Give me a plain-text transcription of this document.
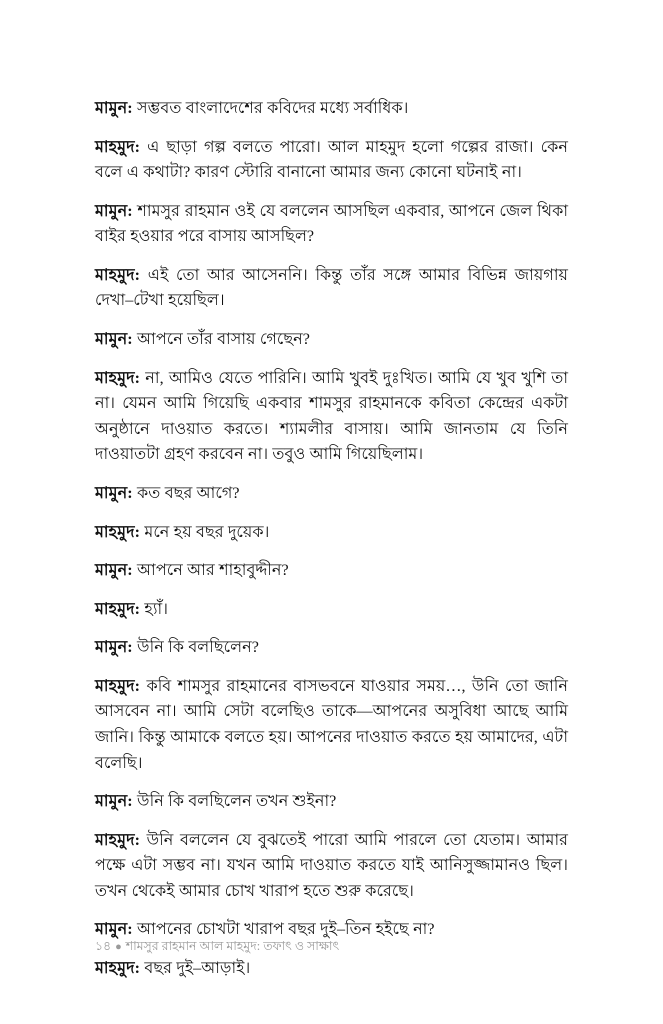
মামুন: সম্ভবত বাংলাদেশের কবিদের মধ্যে সর্বাধিক।

মাহমুদ: এ ছাড়া গল্প বলতে পারো। আল মাহমুদ হলো গল্পের রাজা। কেন বলে এ কথাটা? কারণ স্টোরি বানানো আমার জন্য কোনো ঘটনাই না।

মামুন: শামসুর রাহমান ওই যে বললেন আসছিল একবার, আপনে জেল থিকা বাইর হওয়ার পরে বাসায় আসছিল?

মাহমুদ: এই তো আর আসেননি। কিন্তু তাঁর সঙ্গে আমার বিভিন্ন জায়গায় দেখা–টেখা হয়েছিল।

মামুন: আপনে তাঁর বাসায় গেছেন?

মাহমুদ: না, আমিও যেতে পারিনি। আমি খুবই দুঃখিত। আমি যে খুব খুশি তা না। যেমন আমি গিয়েছি একবার শামসুর রাহমানকে কবিতা কেন্দ্রের একটা অনুষ্ঠানে দাওয়াত করতে। শ্যামলীর বাসায়। আমি জানতাম যে তিনি দাওয়াতটা গ্রহণ করবেন না। তবুও আমি গিয়েছিলাম।

মামুন: কত বছর আগে?

মাহমুদ: মনে হয় বছর দুয়েক।

মামুন: আপনে আর শাহাবুদ্দীন?

মাহমুদ: হ্যাঁ।

মামুন: উনি কি বলছিলেন?

মাহমুদ: কবি শামসুর রাহমানের বাসভবনে যাওয়ার সময়…, উনি তো জানি আসবেন না। আমি সেটা বলেছিও তাকে—আপনের অসুবিধা আছে আমি জানি। কিন্তু আমাকে বলতে হয়। আপনের দাওয়াত করতে হয় আমাদের, এটা বলেছি।

মামুন: উনি কি বলছিলেন তখন শুইনা?

মাহমুদ: উনি বললেন যে বুঝতেই পারো আমি পারলে তো যেতাম। আমার পক্ষে এটা সম্ভব না। যখন আমি দাওয়াত করতে যাই আনিসুজ্জামানও ছিল। তখন থেকেই আমার চোখ খারাপ হতে শুরু করেছে।

মামুন: আপনের চোখটা খারাপ বছর দুই–তিন হইছে না?

মাহমুদ: বছর দুই–আড়াই।

১৪ ● শামসুর রাহমান আল মাহমুদ: তফাৎ ও সাক্ষাৎ
